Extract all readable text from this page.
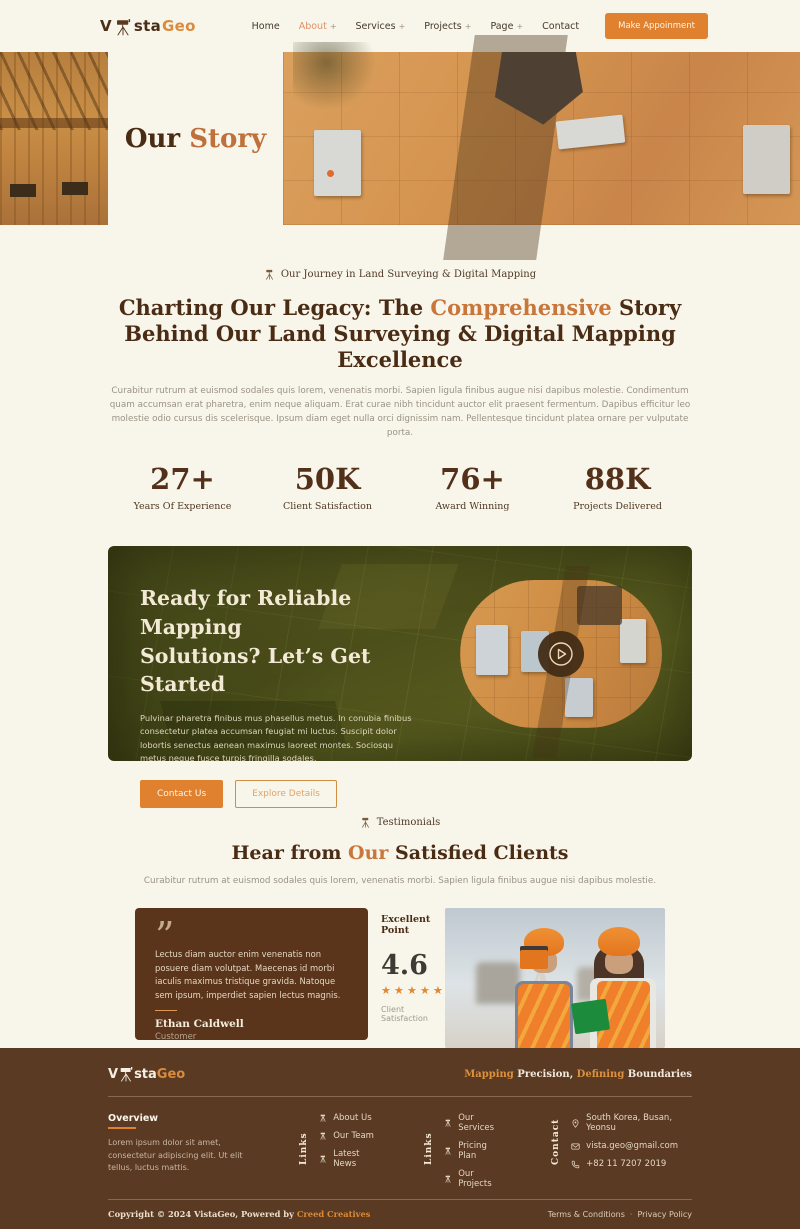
V sta Geo	Home About +	Services +	Projects +	Page +	Contact	Make Appoinment
Our Story
Our Journey in Land Surveying & Digital Mapping
Charting Our Legacy: The Comprehensive Story Behind Our Land Surveying & Digital Mapping Excellence

Curabitur rutrum at euismod sodales quis lorem, venenatis morbi. Sapien ligula finibus augue nisi dapibus molestie. Condimentum quam accumsan erat pharetra, enim neque aliquam. Erat curae nibh tincidunt auctor elit praesent fermentum. Dapibus efficitur leo molestie odio cursus dis scelerisque. Ipsum diam eget nulla orci dignissim nam. Pellentesque tincidunt platea ornare per vulputate porta.

27+
Years Of Experience
50K
Client Satisfaction
76+
Award Winning
88K
Projects Delivered
Ready for Reliable Mapping
Solutions? Let’s Get Started

Pulvinar pharetra finibus mus phasellus metus. In conubia finibus consectetur platea accumsan feugiat mi luctus. Suscipit dolor lobortis senectus aenean maximus laoreet montes. Sociosqu metus neque fusce turpis fringilla sodales.

Contact Us	Explore Details
Testimonials
Hear from Our Satisfied Clients

Curabitur rutrum at euismod sodales quis lorem, venenatis morbi. Sapien ligula finibus augue nisi dapibus molestie.

”

Lectus diam auctor enim venenatis non posuere diam volutpat. Maecenas id morbi iaculis maximus tristique gravida. Natoque sem ipsum, imperdiet sapien lectus magnis.

Ethan Caldwell
Customer
Excellent Point
4.6
★
★
★
★
★
★
Client Satisfaction
V sta Geo	Mapping Precision, Defining Boundaries
Overview

Lorem ipsum dolor sit amet, consectetur adipiscing elit. Ut elit tellus, luctus mattis.

Links
About Us
Our Team
Latest News	Links
Our Services
Pricing Plan
Our Projects
Contact
South Korea, Busan, Yeonsu
vista.geo@gmail.com
+82 11 7207 2019
Copyright © 2024 VistaGeo, Powered by Creed Creatives	Terms & Conditions · Privacy Policy
